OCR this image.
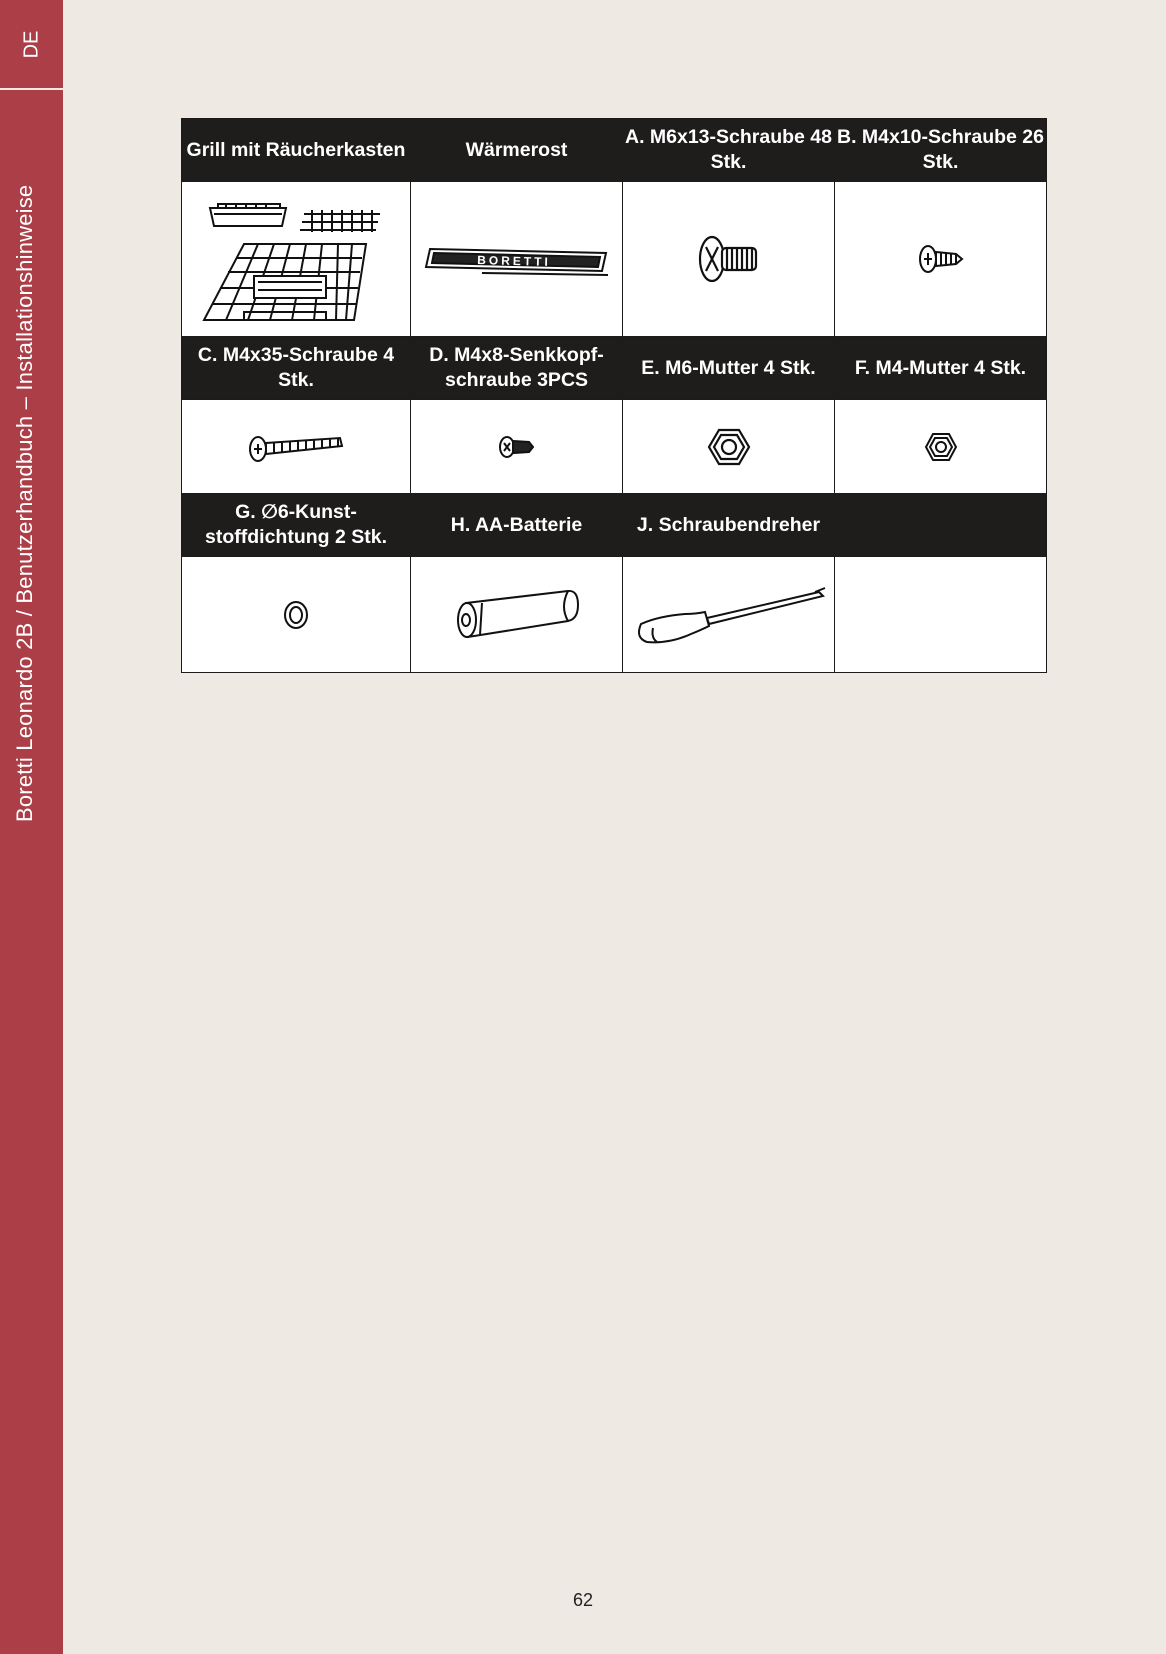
DE
Boretti Leonardo 2B / Benutzerhandbuch – Installationshinweise
Grill mit Räucherkasten	Wärmerost	A. M6x13-Schraube 48 Stk.	B. M4x10-Schraube 26 Stk.

BORETTI

C. M4x35-Schraube 4 Stk.	D. M4x8-Senkkopf-schraube 3PCS	E. M6-Mutter 4 Stk.	F. M4-Mutter 4 Stk.

G. ∅6-Kunst-stoffdichtung 2 Stk.	H. AA-Batterie	J. Schraubendreher	

62
